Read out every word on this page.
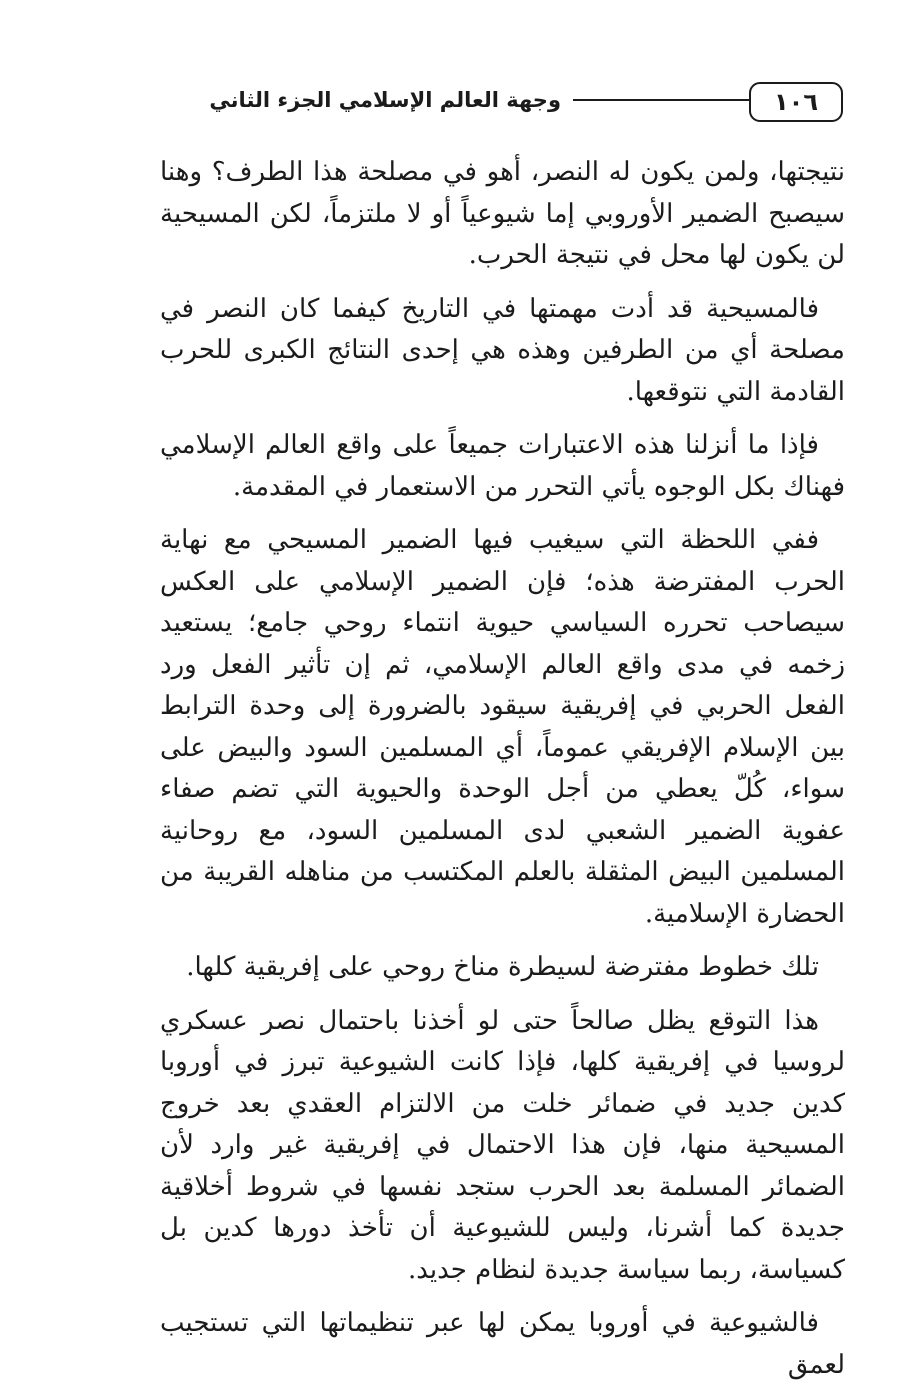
١٠٦
وجهة العالم الإسلامي الجزء الثاني

نتيجتها، ولمن يكون له النصر، أهو في مصلحة هذا الطرف؟ وهنا سيصبح الضمير الأوروبي إما شيوعياً أو لا ملتزماً، لكن المسيحية لن يكون لها محل في نتيجة الحرب.

فالمسيحية قد أدت مهمتها في التاريخ كيفما كان النصر في مصلحة أي من الطرفين وهذه هي إحدى النتائج الكبرى للحرب القادمة التي نتوقعها.

فإذا ما أنزلنا هذه الاعتبارات جميعاً على واقع العالم الإسلامي فهناك بكل الوجوه يأتي التحرر من الاستعمار في المقدمة.

ففي اللحظة التي سيغيب فيها الضمير المسيحي مع نهاية الحرب المفترضة هذه؛ فإن الضمير الإسلامي على العكس سيصاحب تحرره السياسي حيوية انتماء روحي جامع؛ يستعيد زخمه في مدى واقع العالم الإسلامي، ثم إن تأثير الفعل ورد الفعل الحربي في إفريقية سيقود بالضرورة إلى وحدة الترابط بين الإسلام الإفريقي عموماً، أي المسلمين السود والبيض على سواء، كُلّ يعطي من أجل الوحدة والحيوية التي تضم صفاء عفوية الضمير الشعبي لدى المسلمين السود، مع روحانية المسلمين البيض المثقلة بالعلم المكتسب من مناهله القريبة من الحضارة الإسلامية.

تلك خطوط مفترضة لسيطرة مناخ روحي على إفريقية كلها.

هذا التوقع يظل صالحاً حتى لو أخذنا باحتمال نصر عسكري لروسيا في إفريقية كلها، فإذا كانت الشيوعية تبرز في أوروبا كدين جديد في ضمائر خلت من الالتزام العقدي بعد خروج المسيحية منها، فإن هذا الاحتمال في إفريقية غير وارد لأن الضمائر المسلمة بعد الحرب ستجد نفسها في شروط أخلاقية جديدة كما أشرنا، وليس للشيوعية أن تأخذ دورها كدين بل كسياسة، ربما سياسة جديدة لنظام جديد.

فالشيوعية في أوروبا يمكن لها عبر تنظيماتها التي تستجيب لعمق
